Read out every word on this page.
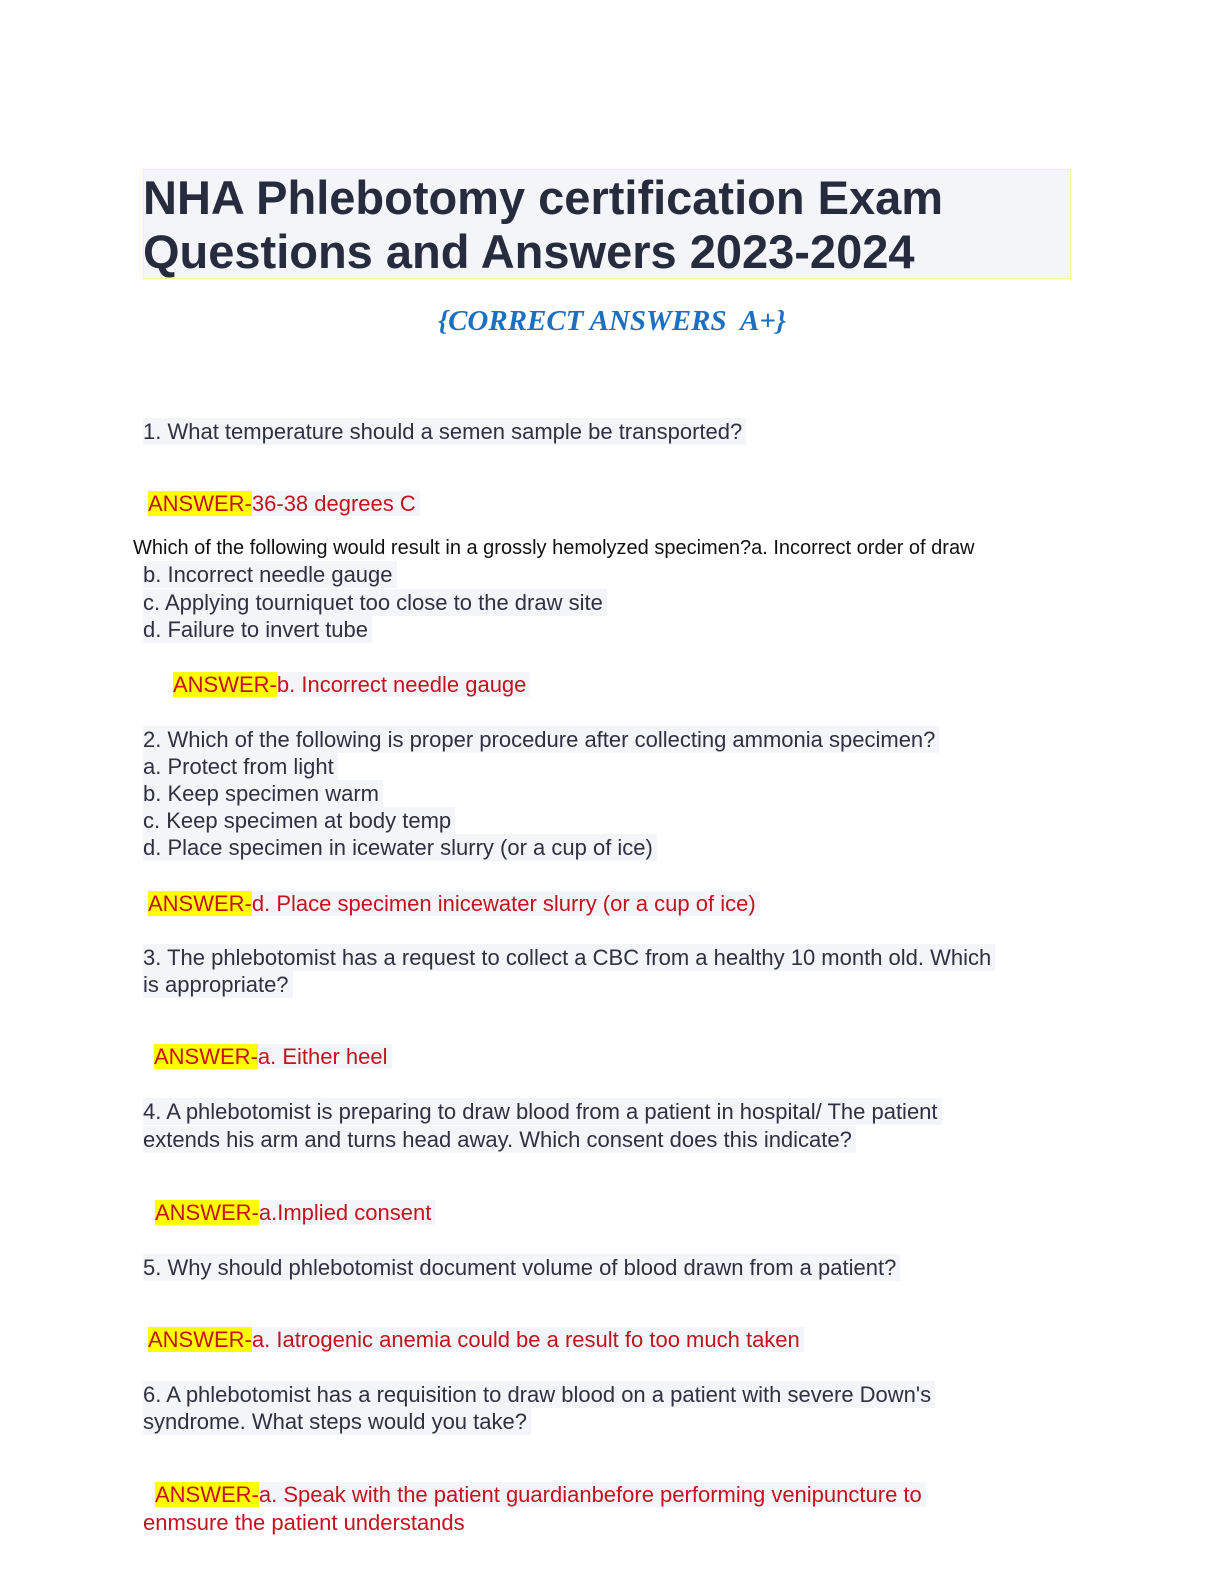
NHA Phlebotomy certification Exam
Questions and Answers 2023-2024
{CORRECT ANSWERS  A+}
1. What temperature should a semen sample be transported?
ANSWER-36-38 degrees C
Which of the following would result in a grossly hemolyzed specimen?a. Incorrect order of draw
b. Incorrect needle gauge
c. Applying tourniquet too close to the draw site
d. Failure to invert tube
ANSWER-b. Incorrect needle gauge
2. Which of the following is proper procedure after collecting ammonia specimen?
a. Protect from light
b. Keep specimen warm
c. Keep specimen at body temp
d. Place specimen in icewater slurry (or a cup of ice)
ANSWER-d. Place specimen inicewater slurry (or a cup of ice)
3. The phlebotomist has a request to collect a CBC from a healthy 10 month old. Which
is appropriate?
ANSWER-a. Either heel
4. A phlebotomist is preparing to draw blood from a patient in hospital/ The patient
extends his arm and turns head away. Which consent does this indicate?
ANSWER-a.Implied consent
5. Why should phlebotomist document volume of blood drawn from a patient?
ANSWER-a. Iatrogenic anemia could be a result fo too much taken
6. A phlebotomist has a requisition to draw blood on a patient with severe Down's
syndrome. What steps would you take?
ANSWER-a. Speak with the patient guardianbefore performing venipuncture to
enmsure the patient understands
